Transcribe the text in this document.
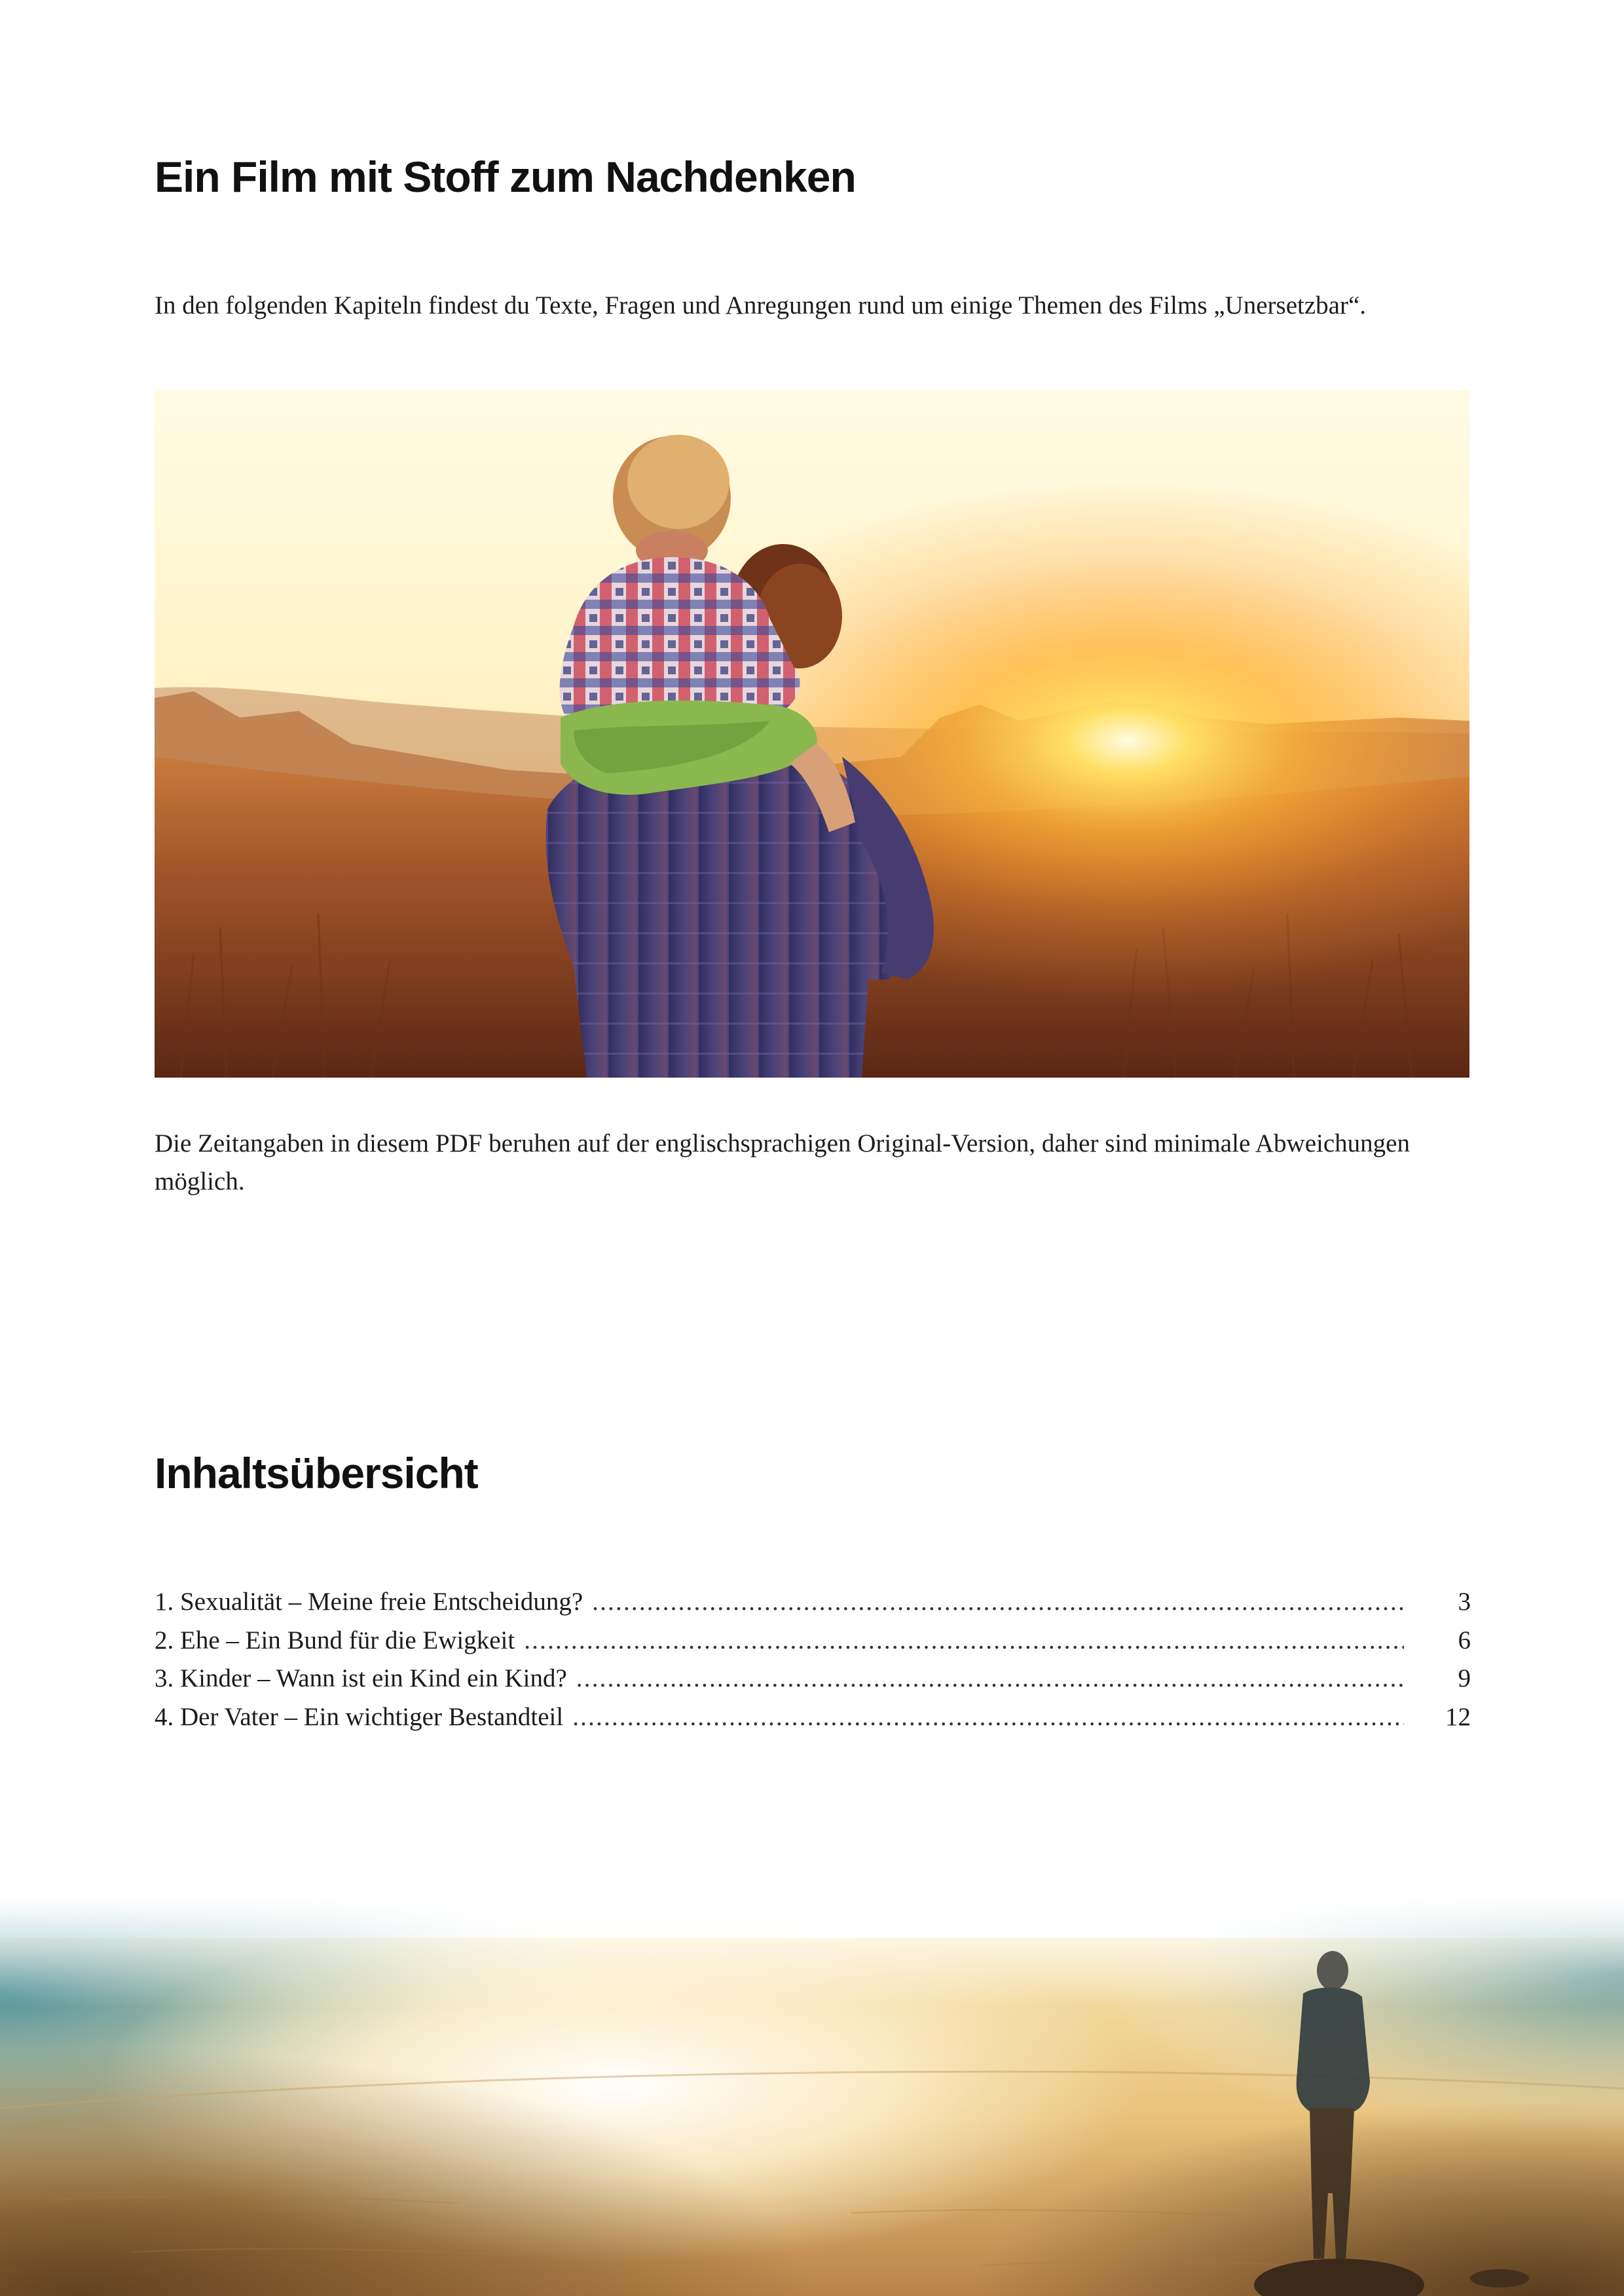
Ein Film mit Stoff zum Nachdenken

In den folgenden Kapiteln findest du Texte, Fragen und Anregungen rund um einige Themen des Films „Unersetzbar“.

Die Zeitangaben in diesem PDF beruhen auf der englischsprachigen Original-Version, daher sind minimale Abweichungen möglich.

Inhaltsübersicht
1. Sexualität – Meine freie Entscheidung? .....	3
2. Ehe – Ein Bund für die Ewigkeit .....	6
3. Kinder – Wann ist ein Kind ein Kind? .....	9
4. Der Vater – Ein wichtiger Bestandteil .....	12
.....
.....
.....
